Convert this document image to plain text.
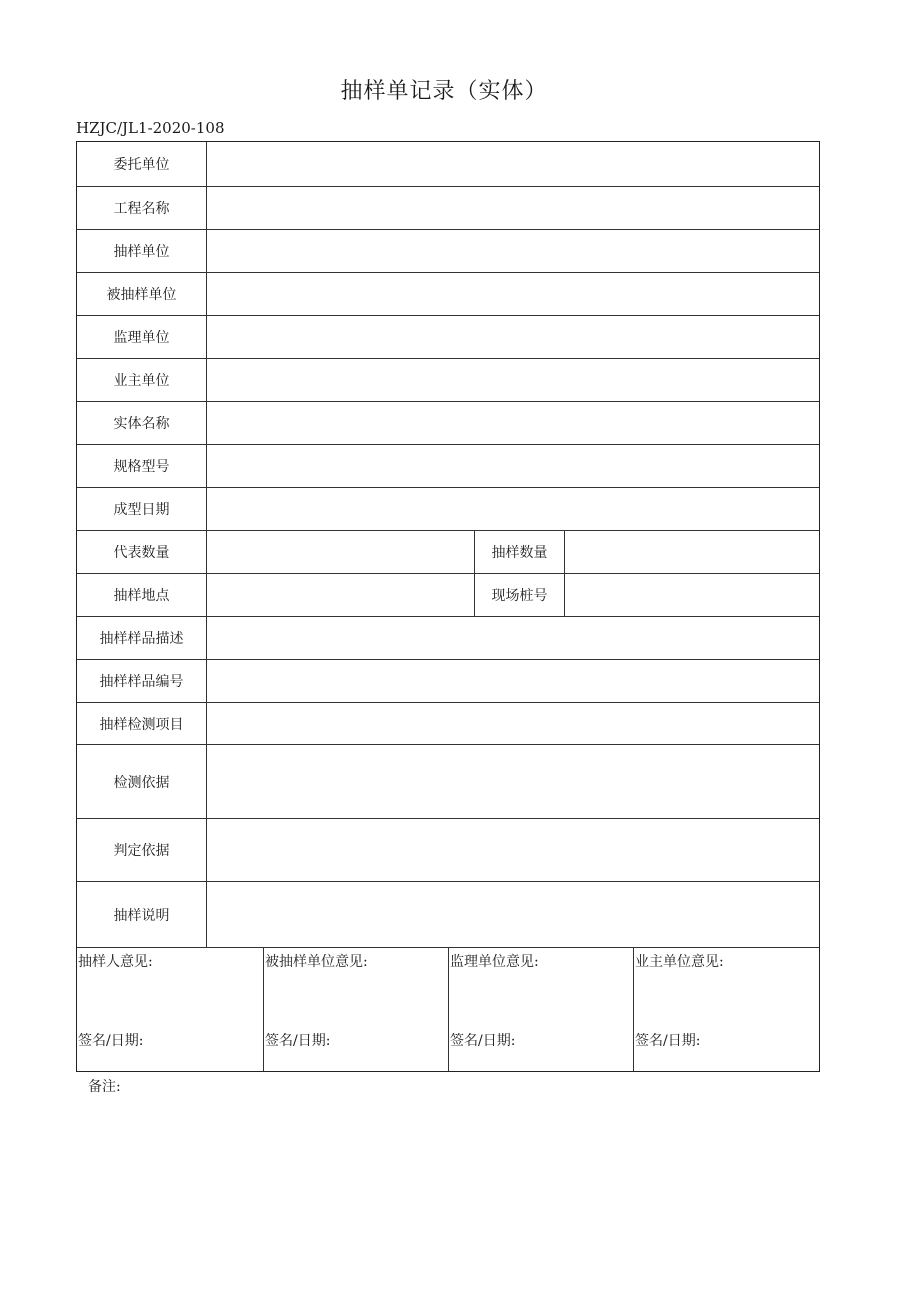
抽样单记录（实体）
HZJC/JL1-2020-108
委托单位
工程名称
抽样单位
被抽样单位
监理单位
业主单位
实体名称
规格型号
成型日期
代表数量	抽样数量
抽样地点	现场桩号
抽样样品描述
抽样样品编号
抽样检测项目
检测依据
判定依据
抽样说明
抽样人意见:
签名/日期:
被抽样单位意见:
签名/日期:
监理单位意见:
签名/日期:
业主单位意见:
签名/日期:
备注:
